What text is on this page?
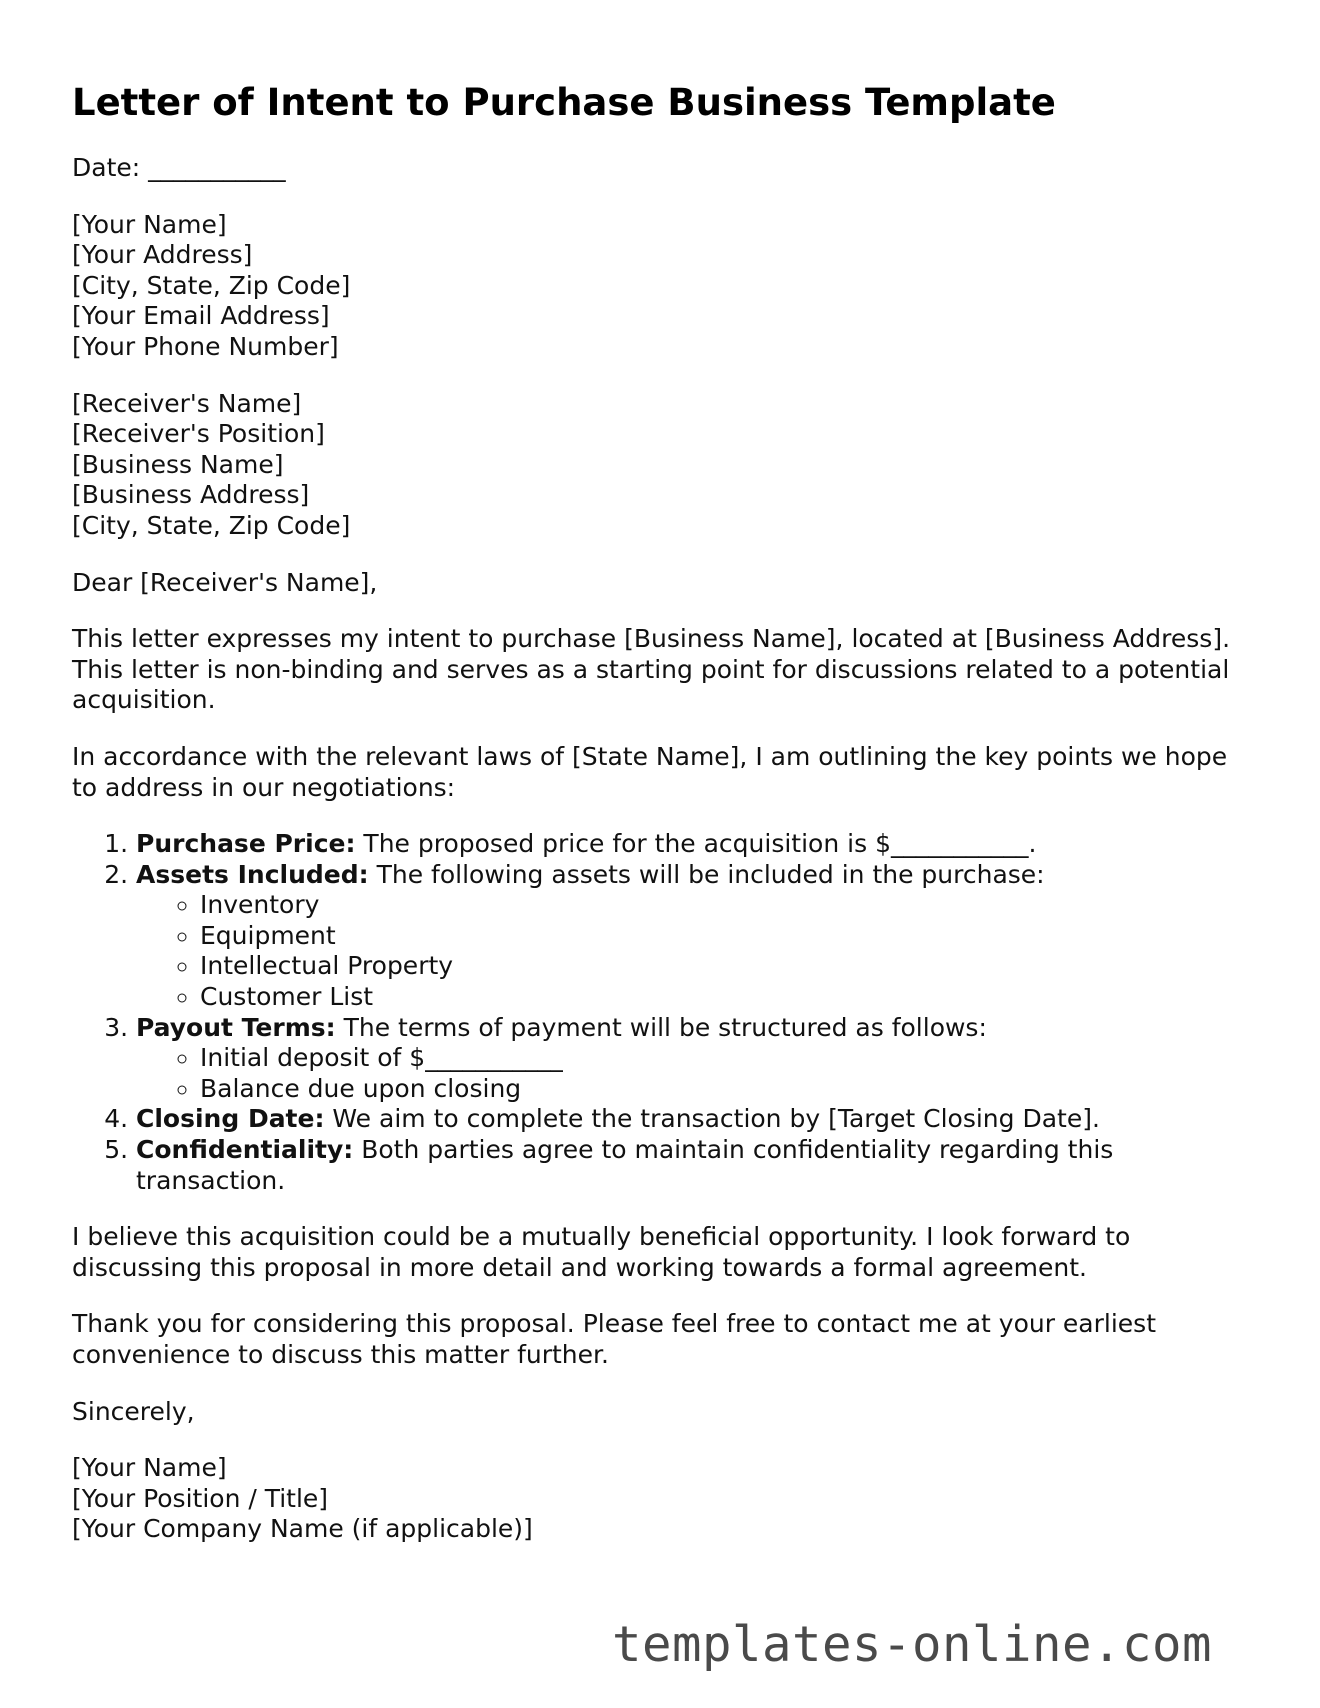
Letter of Intent to Purchase Business Template

Date: ___________

[Your Name]
[Your Address]
[City, State, Zip Code]
[Your Email Address]
[Your Phone Number]

[Receiver's Name]
[Receiver's Position]
[Business Name]
[Business Address]
[City, State, Zip Code]

Dear [Receiver's Name],

This letter expresses my intent to purchase [Business Name], located at [Business Address]. This letter is non-binding and serves as a starting point for discussions related to a potential acquisition.

In accordance with the relevant laws of [State Name], I am outlining the key points we hope to address in our negotiations:

1. Purchase Price: The proposed price for the acquisition is $___________.
2. Assets Included: The following assets will be included in the purchase:
◦ Inventory
◦ Equipment
◦ Intellectual Property
◦ Customer List
3. Payout Terms: The terms of payment will be structured as follows:
◦ Initial deposit of $___________
◦ Balance due upon closing
4. Closing Date: We aim to complete the transaction by [Target Closing Date].
5. Confidentiality: Both parties agree to maintain confidentiality regarding this transaction.

I believe this acquisition could be a mutually beneficial opportunity. I look forward to discussing this proposal in more detail and working towards a formal agreement.

Thank you for considering this proposal. Please feel free to contact me at your earliest convenience to discuss this matter further.

Sincerely,

[Your Name]
[Your Position / Title]
[Your Company Name (if applicable)]

templates-online.com
